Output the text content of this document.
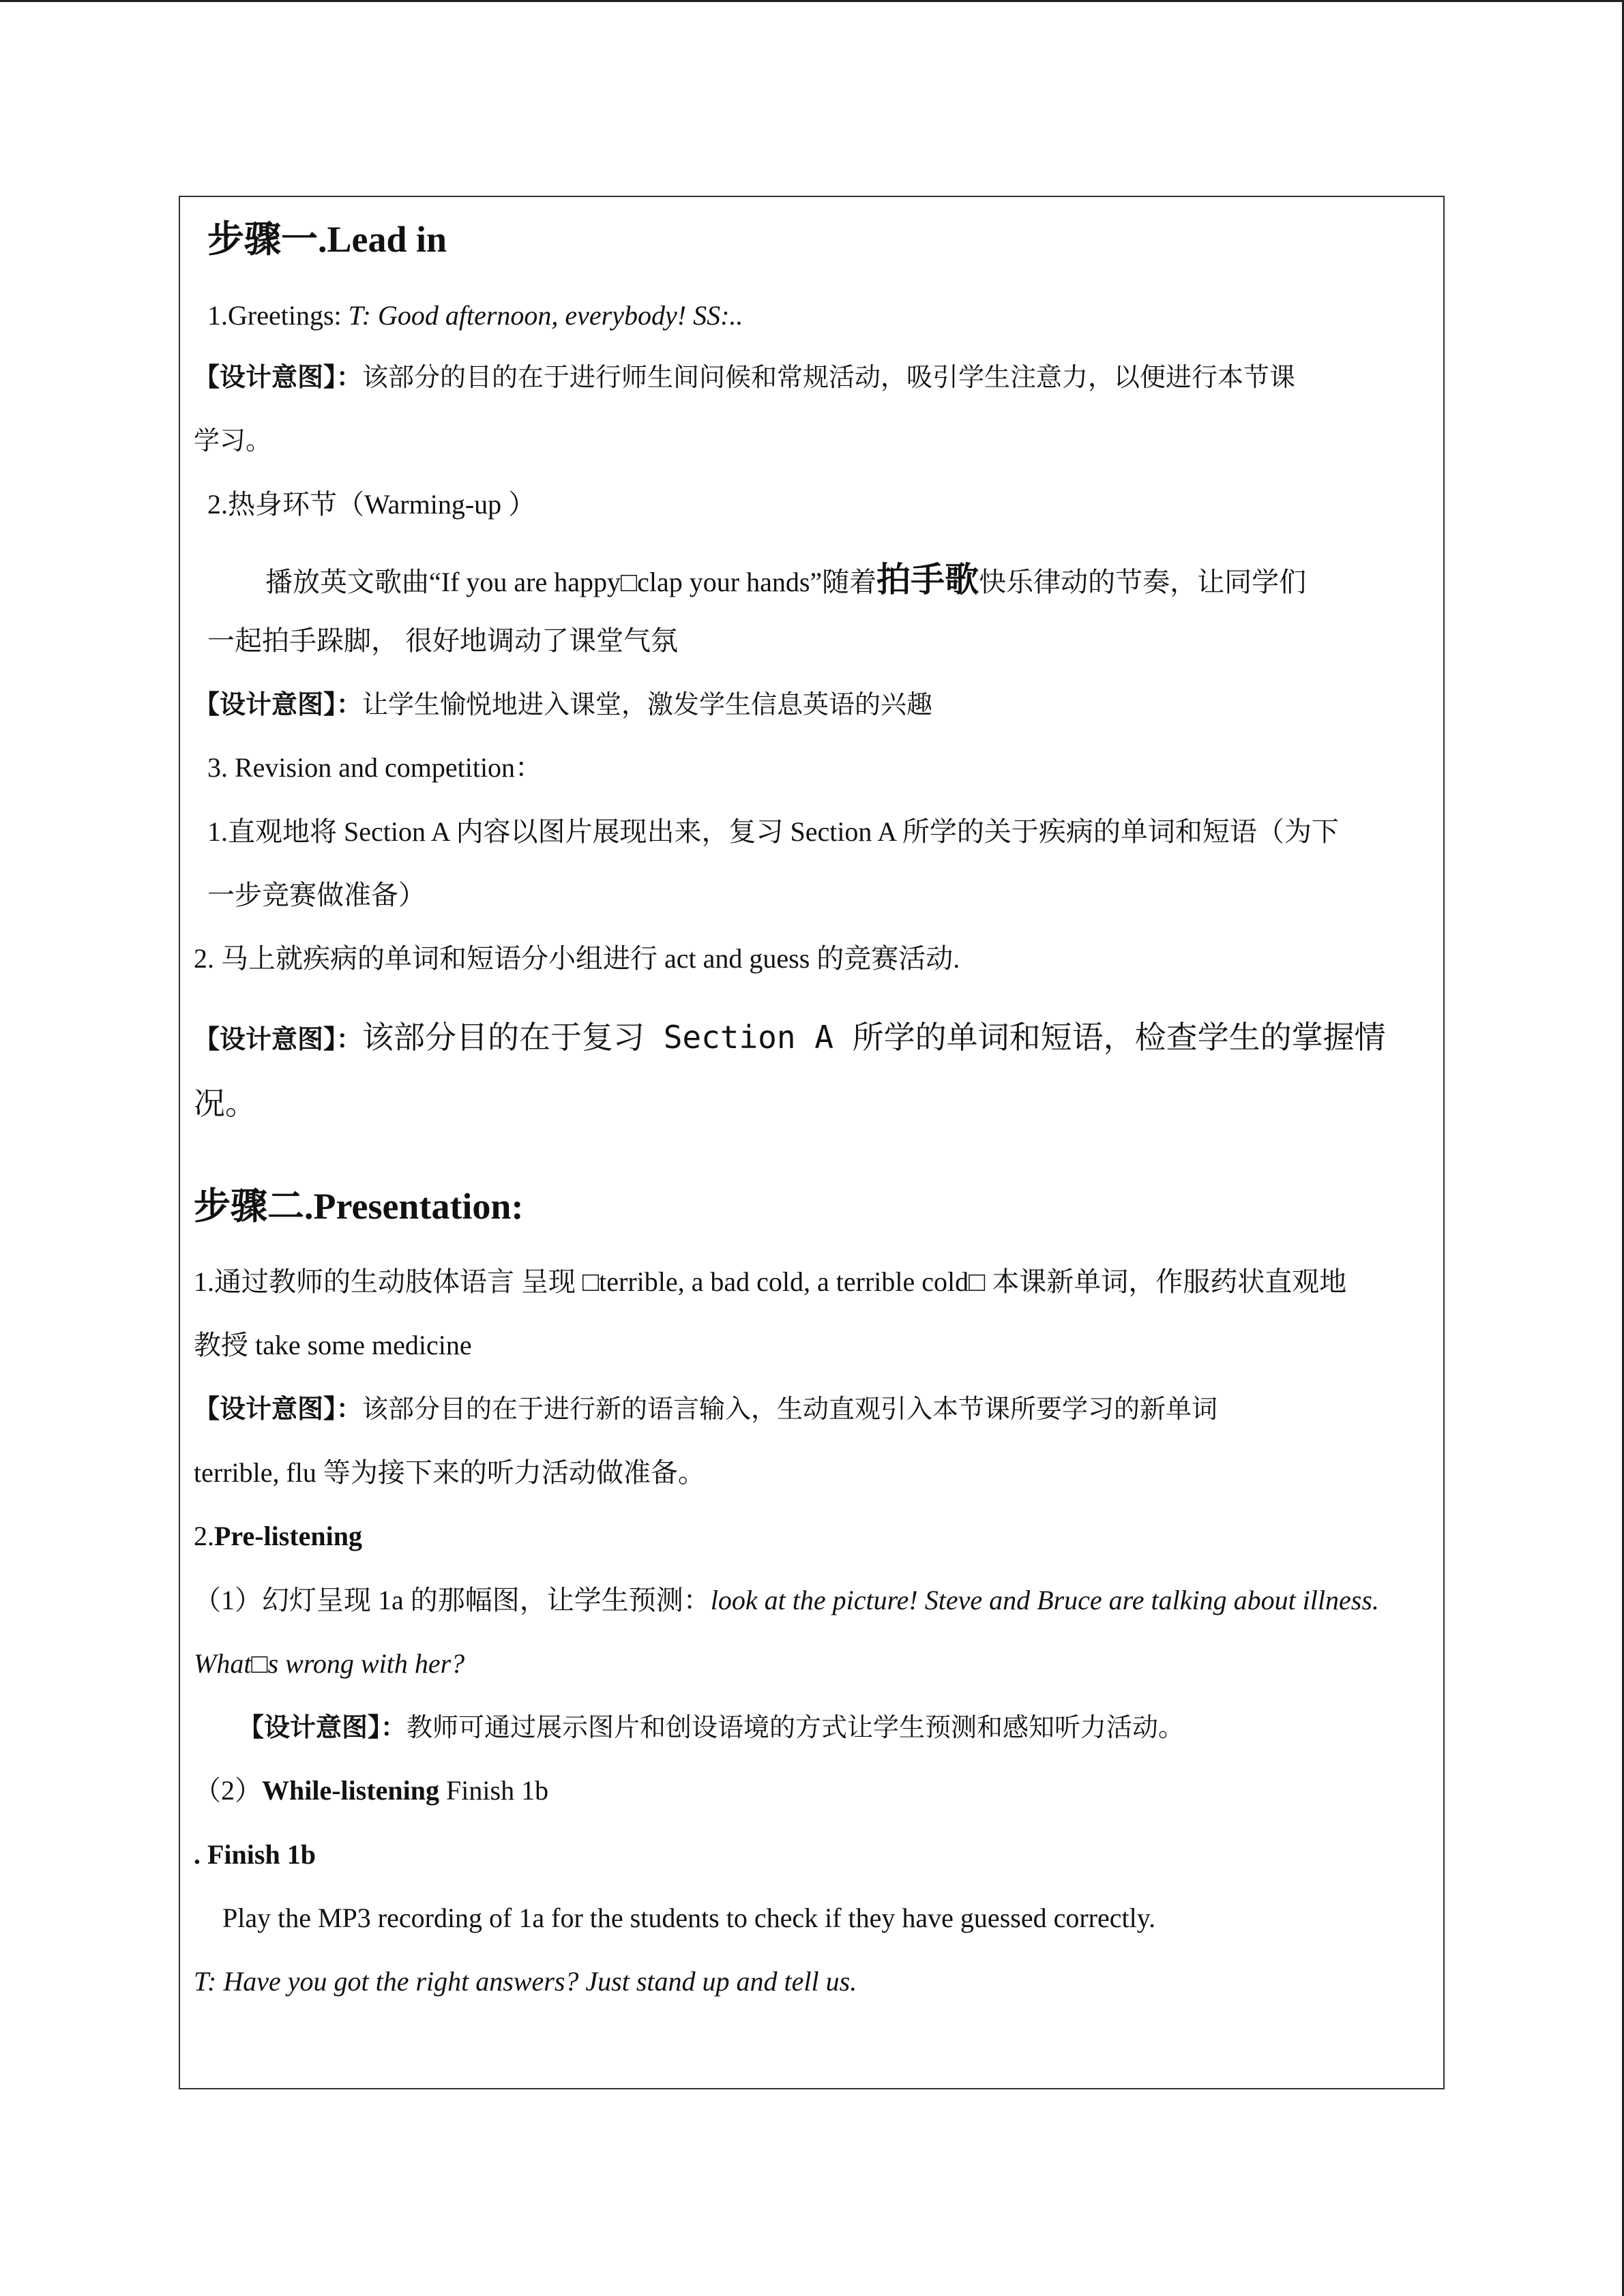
步骤一.Lead in
1.Greetings: T: Good afternoon, everybody! SS:..
【设计意图】：该部分的目的在于进行师生间问候和常规活动，吸引学生注意力，以便进行本节课
学习。
2.热身环节（Warming-up ）
播放英文歌曲“If you are happy□clap your hands”随着拍手歌快乐律动的节奏，让同学们
一起拍手跺脚， 很好地调动了课堂气氛
【设计意图】：让学生愉悦地进入课堂，激发学生信息英语的兴趣
3. Revision and competition：
1.直观地将 Section A 内容以图片展现出来，复习 Section A 所学的关于疾病的单词和短语（为下
一步竞赛做准备）
2. 马上就疾病的单词和短语分小组进行 act and guess 的竞赛活动.
【设计意图】：该部分目的在于复习 Section A 所学的单词和短语，检查学生的掌握情
况。
步骤二.Presentation:
1.通过教师的生动肢体语言 呈现 □terrible, a bad cold, a terrible cold□ 本课新单词，作服药状直观地
教授 take some medicine
【设计意图】：该部分目的在于进行新的语言输入，生动直观引入本节课所要学习的新单词
terrible, flu 等为接下来的听力活动做准备。
2.Pre-listening
（1）幻灯呈现 1a 的那幅图，让学生预测：look at the picture! Steve and Bruce are talking about illness.
What□s wrong with her?
【设计意图】：教师可通过展示图片和创设语境的方式让学生预测和感知听力活动。
（2）While-listening Finish 1b
. Finish 1b
Play the MP3 recording of 1a for the students to check if they have guessed correctly.
T: Have you got the right answers? Just stand up and tell us.
